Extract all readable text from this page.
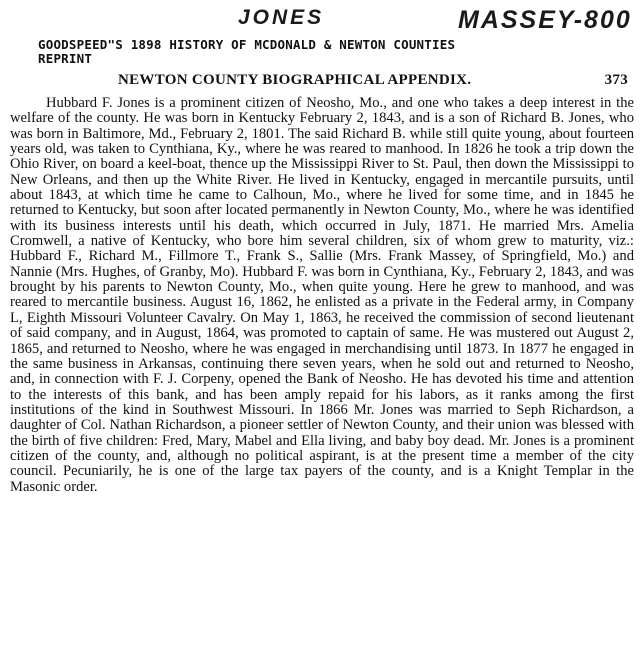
JONES	MASSEY-800
GOODSPEED"S 1898 HISTORY OF MCDONALD & NEWTON COUNTIES
REPRINT
NEWTON COUNTY BIOGRAPHICAL APPENDIX.	373

Hubbard F. Jones is a prominent citizen of Neosho, Mo., and one who takes a deep interest in the welfare of the county. He was born in Kentucky February 2, 1843, and is a son of Richard B. Jones, who was born in Baltimore, Md., February 2, 1801. The said Richard B. while still quite young, about fourteen years old, was taken to Cynthiana, Ky., where he was reared to manhood. In 1826 he took a trip down the Ohio River, on board a keel-boat, thence up the Mississippi River to St. Paul, then down the Mississippi to New Orleans, and then up the White River. He lived in Kentucky, engaged in mercantile pursuits, until about 1843, at which time he came to Calhoun, Mo., where he lived for some time, and in 1845 he returned to Kentucky, but soon after located permanently in Newton County, Mo., where he was identified with its business interests until his death, which occurred in July, 1871. He married Mrs. Amelia Cromwell, a native of Kentucky, who bore him several children, six of whom grew to maturity, viz.: Hubbard F., Richard M., Fillmore T., Frank S., Sallie (Mrs. Frank Massey, of Springfield, Mo.) and Nannie (Mrs. Hughes, of Granby, Mo). Hubbard F. was born in Cynthiana, Ky., February 2, 1843, and was brought by his parents to Newton County, Mo., when quite young. Here he grew to manhood, and was reared to mercantile business. August 16, 1862, he enlisted as a private in the Federal army, in Company L, Eighth Missouri Volunteer Cavalry. On May 1, 1863, he received the commission of second lieutenant of said company, and in August, 1864, was promoted to captain of same. He was mustered out August 2, 1865, and returned to Neosho, where he was engaged in merchandising until 1873. In 1877 he engaged in the same business in Arkansas, continuing there seven years, when he sold out and returned to Neosho, and, in connection with F. J. Corpeny, opened the Bank of Neosho. He has devoted his time and attention to the interests of this bank, and has been amply repaid for his labors, as it ranks among the first institutions of the kind in Southwest Missouri. In 1866 Mr. Jones was married to Seph Richardson, a daughter of Col. Nathan Richardson, a pioneer settler of Newton County, and their union was blessed with the birth of five children: Fred, Mary, Mabel and Ella living, and baby boy dead. Mr. Jones is a prominent citizen of the county, and, although no political aspirant, is at the present time a member of the city council. Pecuniarily, he is one of the large tax payers of the county, and is a Knight Templar in the Masonic order.
